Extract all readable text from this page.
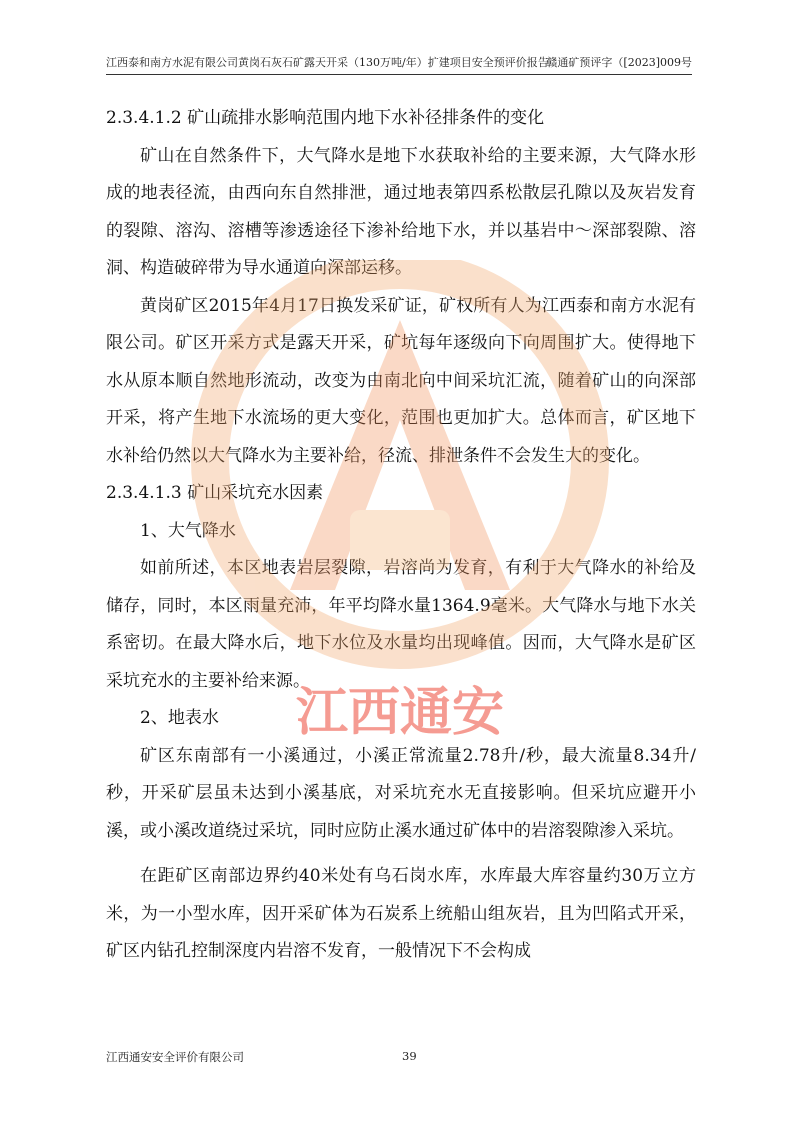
江西泰和南方水泥有限公司黄岗石灰石矿露天开采（130万吨/年）扩建项目安全预评价报告
赣通矿预评字（[2023]009号

2.3.4.1.2 矿山疏排水影响范围内地下水补径排条件的变化

矿山在自然条件下，大气降水是地下水获取补给的主要来源，大气降水形成的地表径流，由西向东自然排泄，通过地表第四系松散层孔隙以及灰岩发育的裂隙、溶沟、溶槽等渗透途径下渗补给地下水，并以基岩中～深部裂隙、溶洞、构造破碎带为导水通道向深部运移。

黄岗矿区2015年4月17日换发采矿证，矿权所有人为江西泰和南方水泥有限公司。矿区开采方式是露天开采，矿坑每年逐级向下向周围扩大。使得地下水从原本顺自然地形流动，改变为由南北向中间采坑汇流，随着矿山的向深部开采，将产生地下水流场的更大变化，范围也更加扩大。总体而言，矿区地下水补给仍然以大气降水为主要补给，径流、排泄条件不会发生大的变化。

2.3.4.1.3 矿山采坑充水因素

1、大气降水

如前所述，本区地表岩层裂隙，岩溶尚为发育，有利于大气降水的补给及储存，同时，本区雨量充沛，年平均降水量1364.9毫米。大气降水与地下水关系密切。在最大降水后，地下水位及水量均出现峰值。因而，大气降水是矿区采坑充水的主要补给来源。

2、地表水

矿区东南部有一小溪通过，小溪正常流量2.78升/秒，最大流量8.34升/秒，开采矿层虽未达到小溪基底，对采坑充水无直接影响。但采坑应避开小溪，或小溪改道绕过采坑，同时应防止溪水通过矿体中的岩溶裂隙渗入采坑。

在距矿区南部边界约40米处有乌石岗水库，水库最大库容量约30万立方米，为一小型水库，因开采矿体为石炭系上统船山组灰岩，且为凹陷式开采，矿区内钻孔控制深度内岩溶不发育，一般情况下不会构成

江西通安
江西通安安全评价有限公司	39
